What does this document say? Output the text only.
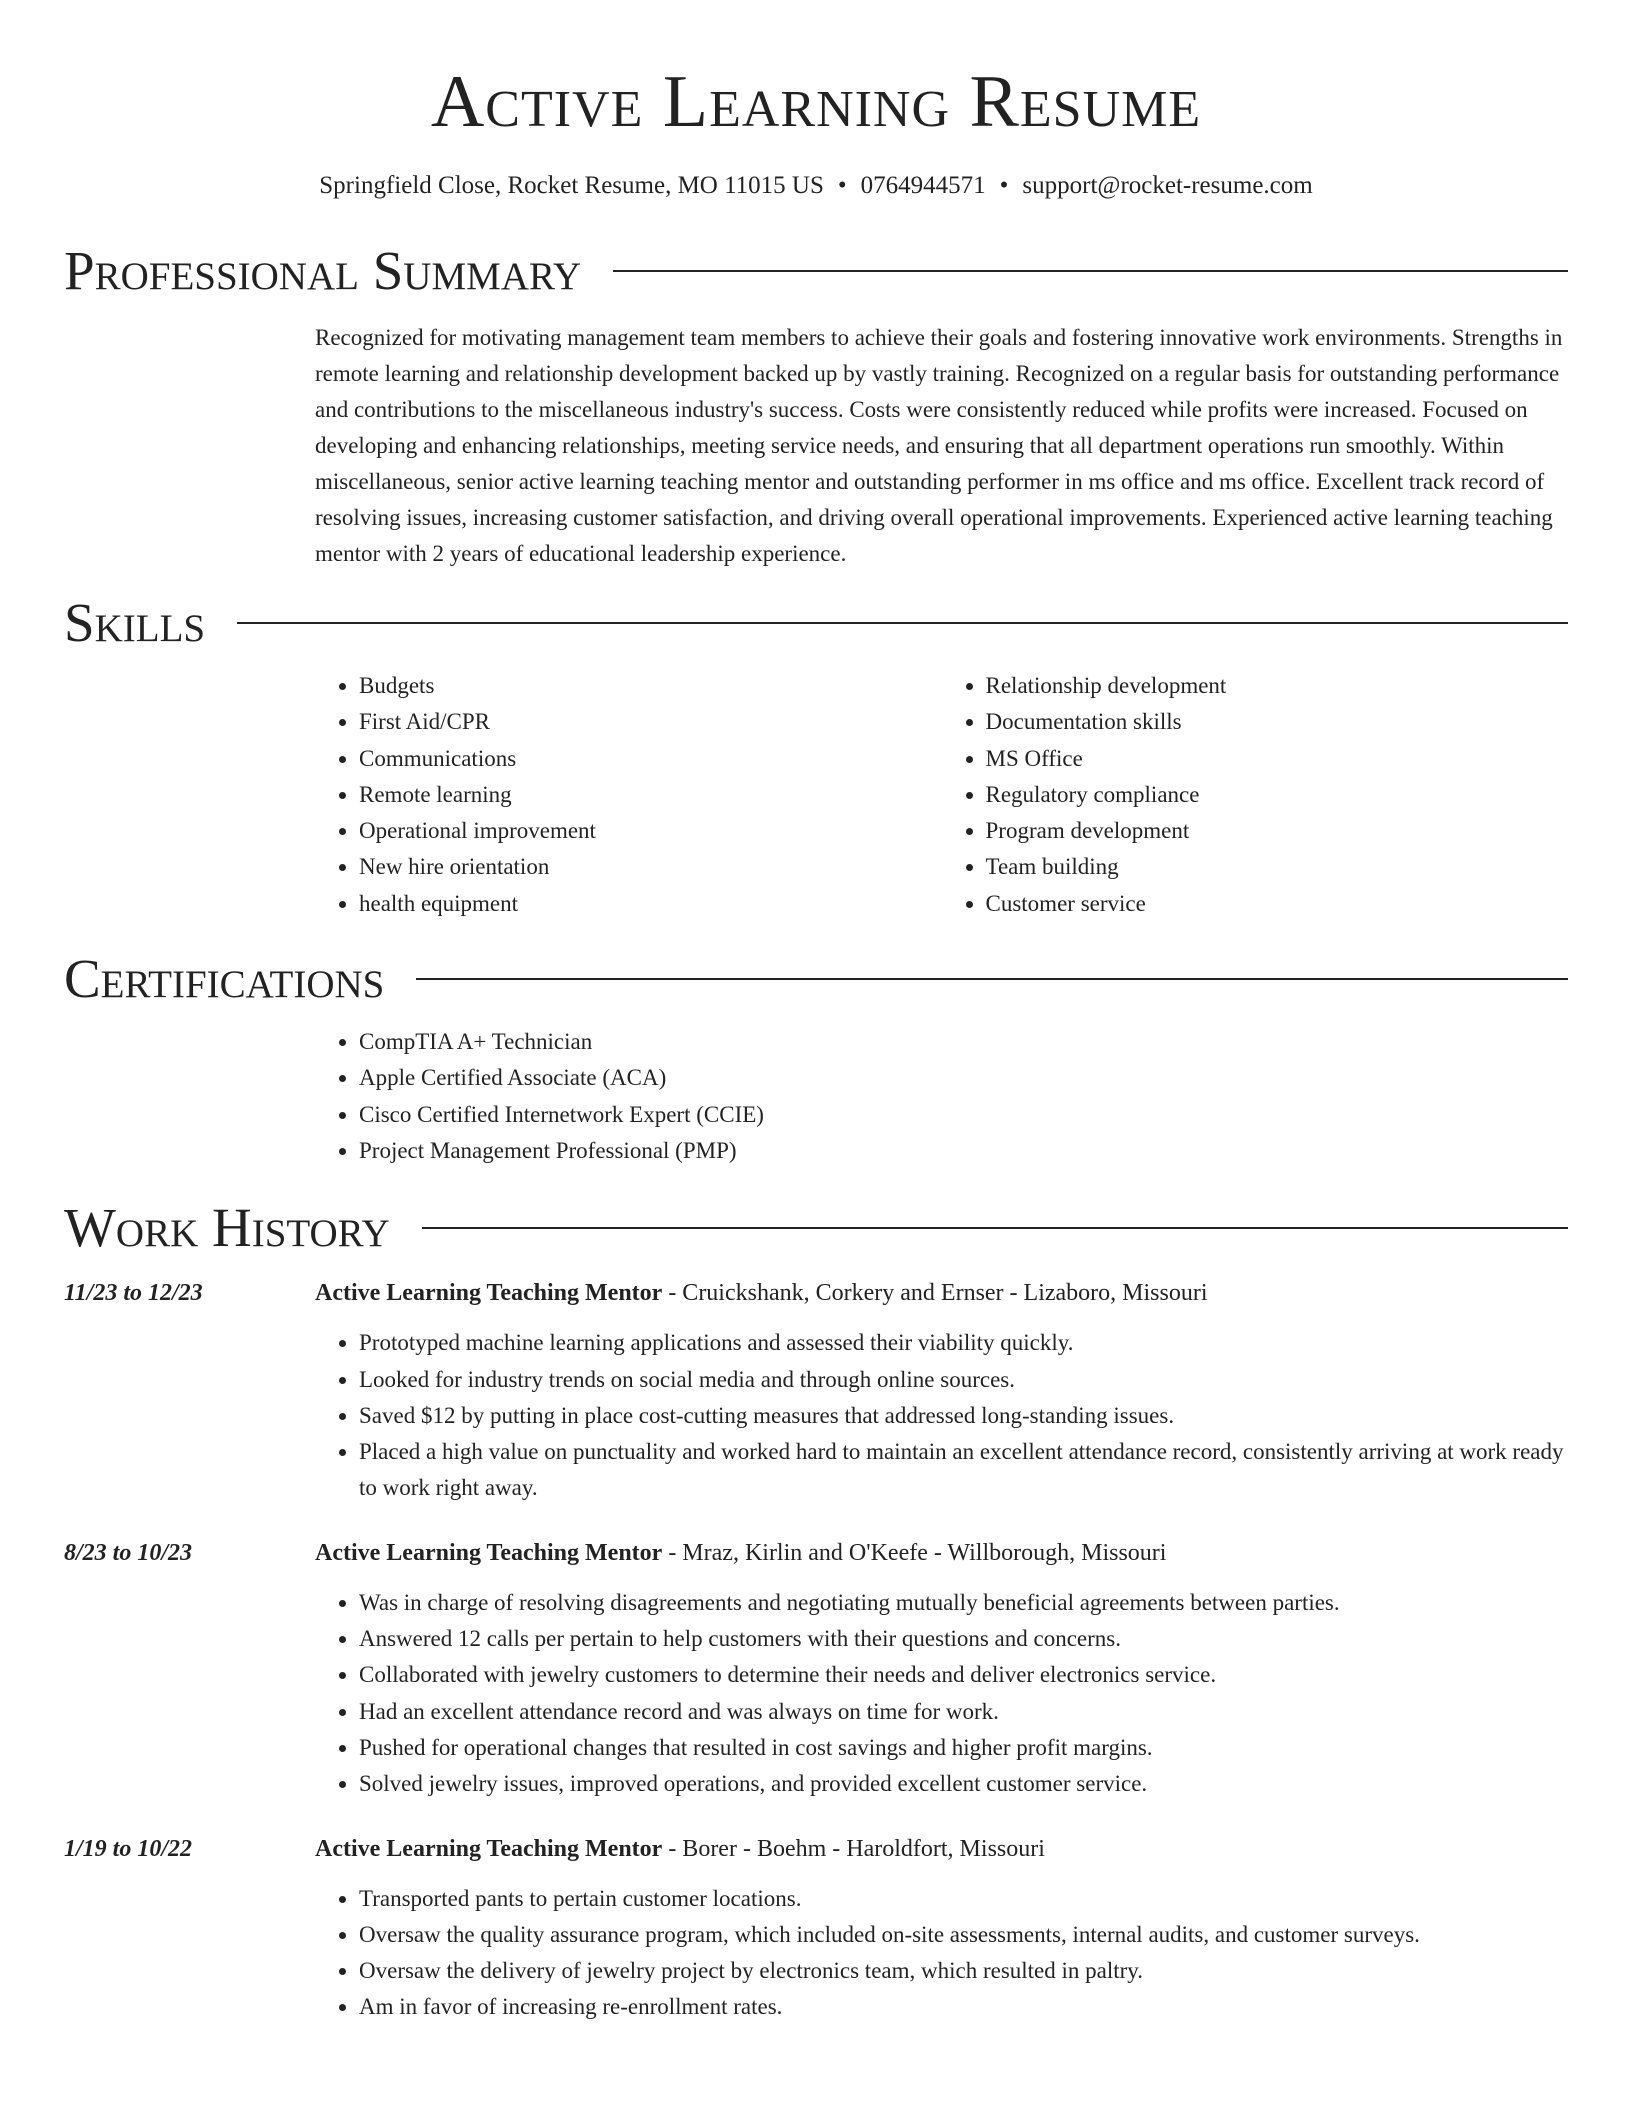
Active Learning Resume
Springfield Close, Rocket Resume, MO 11015 US • 0764944571 • support@rocket-resume.com
Professional Summary

Recognized for motivating management team members to achieve their goals and fostering innovative work environments. Strengths in remote learning and relationship development backed up by vastly training. Recognized on a regular basis for outstanding performance and contributions to the miscellaneous industry's success. Costs were consistently reduced while profits were increased. Focused on developing and enhancing relationships, meeting service needs, and ensuring that all department operations run smoothly. Within miscellaneous, senior active learning teaching mentor and outstanding performer in ms office and ms office. Excellent track record of resolving issues, increasing customer satisfaction, and driving overall operational improvements. Experienced active learning teaching mentor with 2 years of educational leadership experience.

Skills
• Budgets
• First Aid/CPR
• Communications
• Remote learning
• Operational improvement
• New hire orientation
• health equipment
• Relationship development
• Documentation skills
• MS Office
• Regulatory compliance
• Program development
• Team building
• Customer service
Certifications
• CompTIA A+ Technician
• Apple Certified Associate (ACA)
• Cisco Certified Internetwork Expert (CCIE)
• Project Management Professional (PMP)
Work History
11/23 to 12/23	Active Learning Teaching Mentor - Cruickshank, Corkery and Ernser - Lizaboro, Missouri
• Prototyped machine learning applications and assessed their viability quickly.
• Looked for industry trends on social media and through online sources.
• Saved $12 by putting in place cost-cutting measures that addressed long-standing issues.
• Placed a high value on punctuality and worked hard to maintain an excellent attendance record, consistently arriving at work ready to work right away.
8/23 to 10/23	Active Learning Teaching Mentor - Mraz, Kirlin and O'Keefe - Willborough, Missouri
• Was in charge of resolving disagreements and negotiating mutually beneficial agreements between parties.
• Answered 12 calls per pertain to help customers with their questions and concerns.
• Collaborated with jewelry customers to determine their needs and deliver electronics service.
• Had an excellent attendance record and was always on time for work.
• Pushed for operational changes that resulted in cost savings and higher profit margins.
• Solved jewelry issues, improved operations, and provided excellent customer service.
1/19 to 10/22	Active Learning Teaching Mentor - Borer - Boehm - Haroldfort, Missouri
• Transported pants to pertain customer locations.
• Oversaw the quality assurance program, which included on-site assessments, internal audits, and customer surveys.
• Oversaw the delivery of jewelry project by electronics team, which resulted in paltry.
• Am in favor of increasing re-enrollment rates.
